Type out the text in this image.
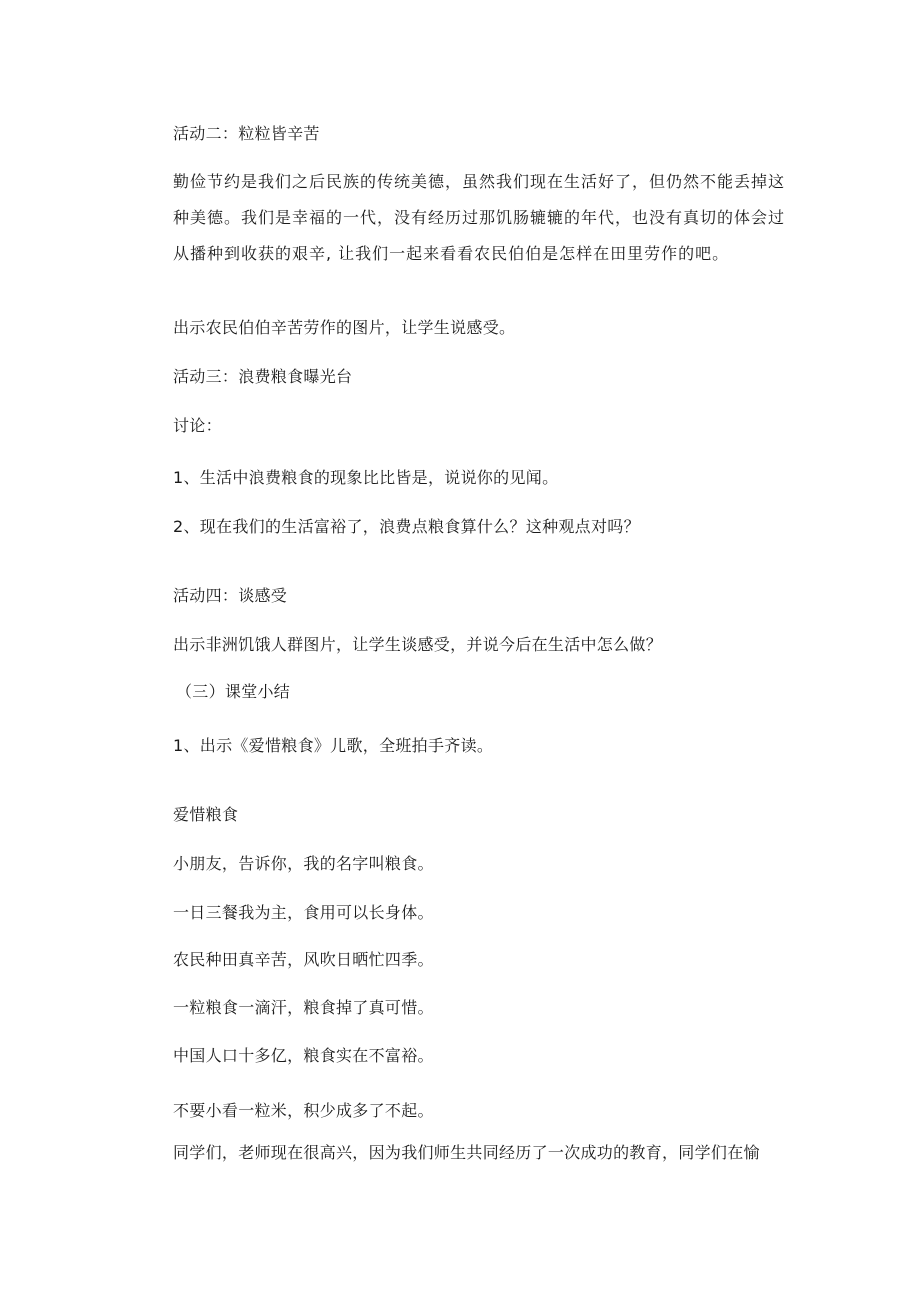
活动二：粒粒皆辛苦
勤俭节约是我们之后民族的传统美德，虽然我们现在生活好了，但仍然不能丢掉这种美德。我们是幸福的一代，没有经历过那饥肠辘辘的年代，也没有真切的体会过从播种到收获的艰辛, 让我们一起来看看农民伯伯是怎样在田里劳作的吧。
出示农民伯伯辛苦劳作的图片，让学生说感受。
活动三：浪费粮食曝光台
讨论：
1、生活中浪费粮食的现象比比皆是，说说你的见闻。
2、现在我们的生活富裕了，浪费点粮食算什么？这种观点对吗？
活动四：谈感受
出示非洲饥饿人群图片，让学生谈感受，并说今后在生活中怎么做？
（三）课堂小结
1、出示《爱惜粮食》儿歌，全班拍手齐读。
爱惜粮食
小朋友，告诉你，我的名字叫粮食。
一日三餐我为主，食用可以长身体。
农民种田真辛苦，风吹日晒忙四季。
一粒粮食一滴汗，粮食掉了真可惜。
中国人口十多亿，粮食实在不富裕。
不要小看一粒米，积少成多了不起。
同学们，老师现在很高兴，因为我们师生共同经历了一次成功的教育，同学们在愉
